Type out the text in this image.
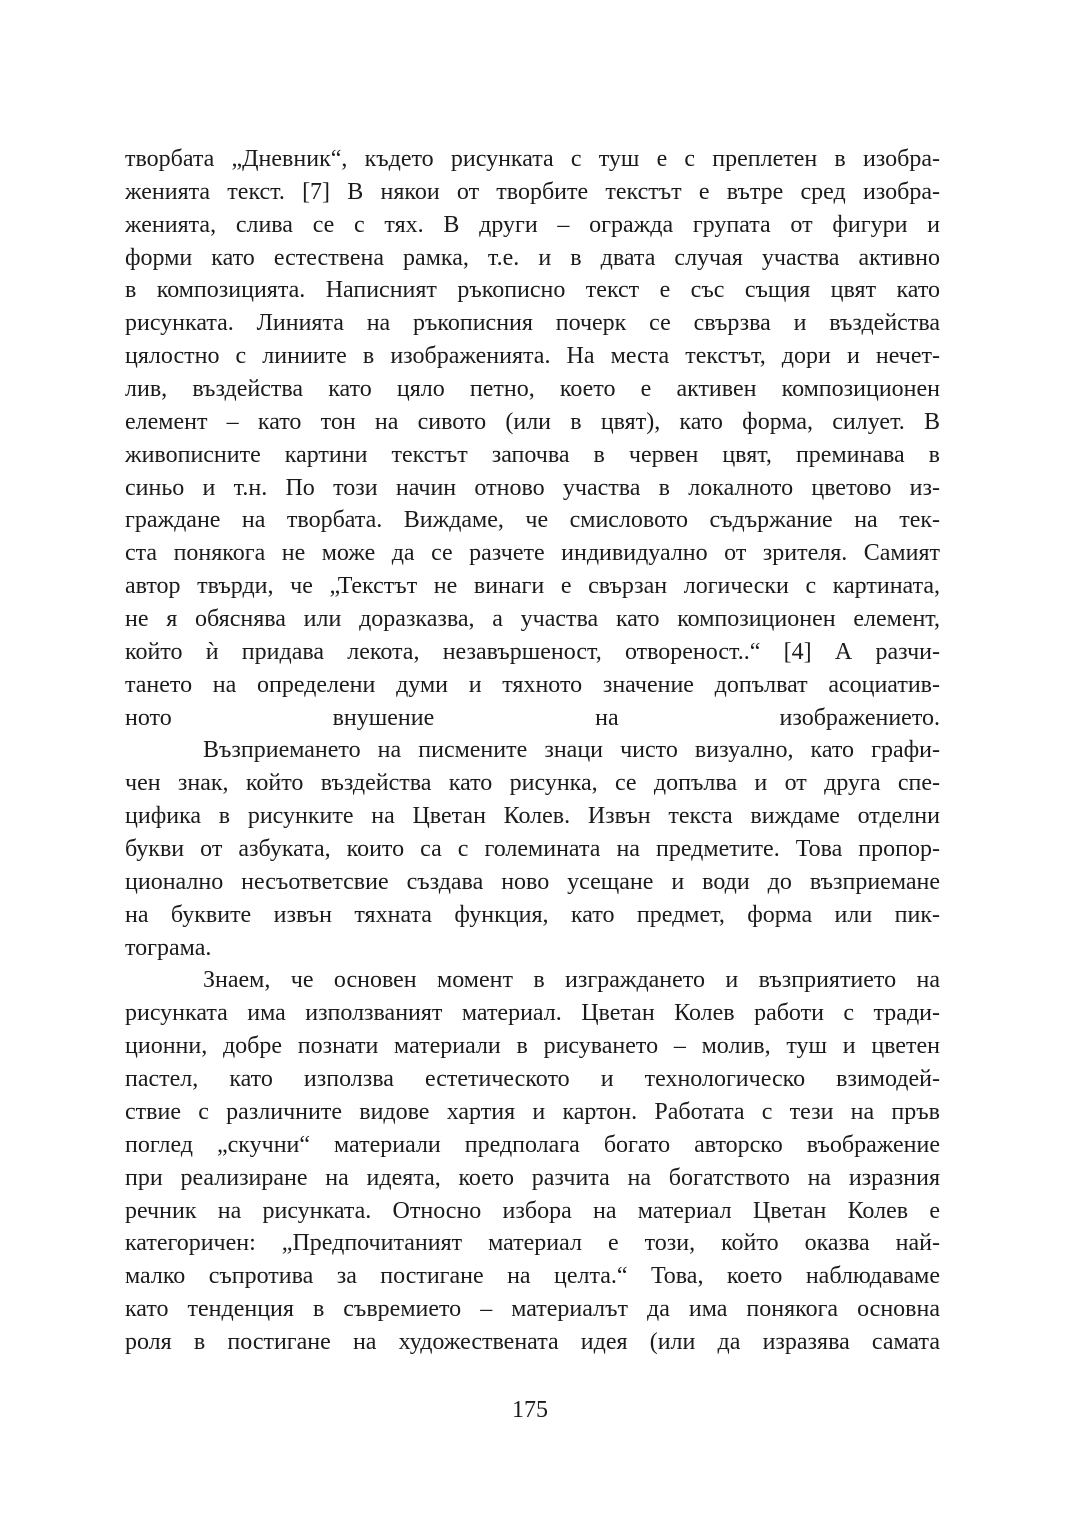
творбата „Дневник“, където рисунката с туш е с преплетен в изобра-
женията текст. [7] В някои от творбите текстът е вътре сред изобра-
женията, слива се с тях. В други – огражда групата от фигури и
форми като естествена рамка, т.е. и в двата случая участва активно
в композицията. Написният ръкописно текст е със същия цвят като
рисунката. Линията на ръкописния почерк се свързва и въздейства
цялостно с линиите в изображенията. На места текстът, дори и нечет-
лив, въздейства като цяло петно, което е активен композиционен
елемент – като тон на сивото (или в цвят), като форма, силует. В
живописните картини текстът започва в червен цвят, преминава в
синьо и т.н. По този начин отново участва в локалното цветово из-
граждане на творбата. Виждаме, че смисловото съдържание на тек-
ста понякога не може да се разчете индивидуално от зрителя. Самият
автор твърди, че „Текстът не винаги е свързан логически с картината,
не я обяснява или доразказва, а участва като композиционен елемент,
който ѝ придава лекота, незавършеност, отвореност..“ [4] А разчи-
тането на определени думи и тяхното значение допълват асоциатив-
ното внушение на изображението.
Възприемането на писмените знаци чисто визуално, като графи-
чен знак, който въздейства като рисунка, се допълва и от друга спе-
цифика в рисунките на Цветан Колев. Извън текста виждаме отделни
букви от азбуката, които са с големината на предметите. Това пропор-
ционално несъответсвие създава ново усещане и води до възприемане
на буквите извън тяхната функция, като предмет, форма или пик-
тограма.
Знаем, че основен момент в изграждането и възприятието на
рисунката има използваният материал. Цветан Колев работи с тради-
ционни, добре познати материали в рисуването – молив, туш и цветен
пастел, като използва естетическото и технологическо взимодей-
ствие с различните видове хартия и картон. Работата с тези на пръв
поглед „скучни“ материали предполага богато авторско въображение
при реализиране на идеята, което разчита на богатството на изразния
речник на рисунката. Относно избора на материал Цветан Колев е
категоричен: „Предпочитаният материал е този, който оказва най-
малко съпротива за постигане на целта.“ Това, което наблюдаваме
като тенденция в съвремието – материалът да има понякога основна
роля в постигане на художествената идея (или да изразява самата
175
